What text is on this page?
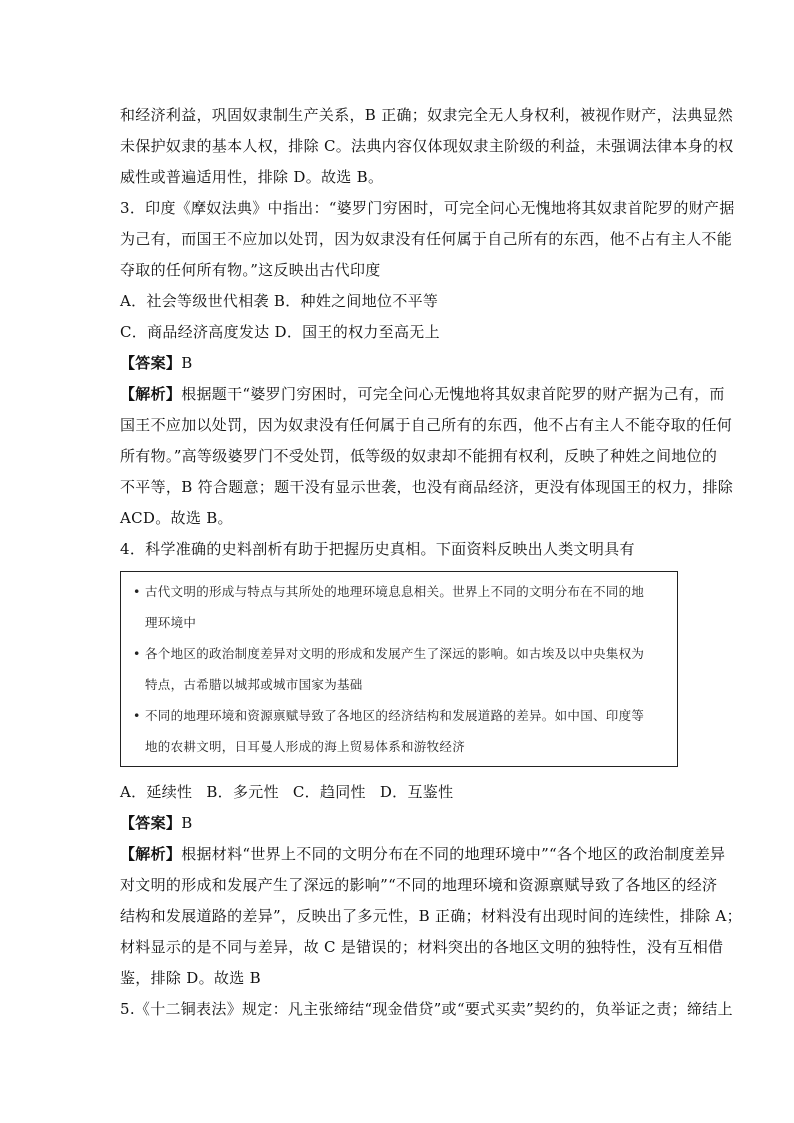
和经济利益，巩固奴隶制生产关系，B 正确；奴隶完全无人身权利，被视作财产，法典显然

未保护奴隶的基本人权，排除 C。法典内容仅体现奴隶主阶级的利益，未强调法律本身的权

威性或普遍适用性，排除 D。故选 B。

3．印度《摩奴法典》中指出：“婆罗门穷困时，可完全问心无愧地将其奴隶首陀罗的财产据

为己有，而国王不应加以处罚，因为奴隶没有任何属于自己所有的东西，他不占有主人不能

夺取的任何所有物。”这反映出古代印度

A．社会等级世代相袭 B．种姓之间地位不平等

C．商品经济高度发达 D．国王的权力至高无上

【答案】B

【解析】根据题干“婆罗门穷困时，可完全问心无愧地将其奴隶首陀罗的财产据为己有，而

国王不应加以处罚，因为奴隶没有任何属于自己所有的东西，他不占有主人不能夺取的任何

所有物。”高等级婆罗门不受处罚，低等级的奴隶却不能拥有权利，反映了种姓之间地位的

不平等，B 符合题意；题干没有显示世袭，也没有商品经济，更没有体现国王的权力，排除

ACD。故选 B。

4．科学准确的史料剖析有助于把握历史真相。下面资料反映出人类文明具有

• 古代文明的形成与特点与其所处的地理环境息息相关。世界上不同的文明分布在不同的地
理环境中
• 各个地区的政治制度差异对文明的形成和发展产生了深远的影响。如古埃及以中央集权为
特点，古希腊以城邦或城市国家为基础
• 不同的地理环境和资源禀赋导致了各地区的经济结构和发展道路的差异。如中国、印度等
地的农耕文明，日耳曼人形成的海上贸易体系和游牧经济

A．延续性 B．多元性 C．趋同性 D．互鉴性

【答案】B

【解析】根据材料“世界上不同的文明分布在不同的地理环境中”“各个地区的政治制度差异

对文明的形成和发展产生了深远的影响”“不同的地理环境和资源禀赋导致了各地区的经济

结构和发展道路的差异”，反映出了多元性，B 正确；材料没有出现时间的连续性，排除 A；

材料显示的是不同与差异，故 C 是错误的；材料突出的各地区文明的独特性，没有互相借

鉴，排除 D。故选 B

5.《十二铜表法》规定：凡主张缔结“现金借贷”或“要式买卖”契约的，负举证之责；缔结上
